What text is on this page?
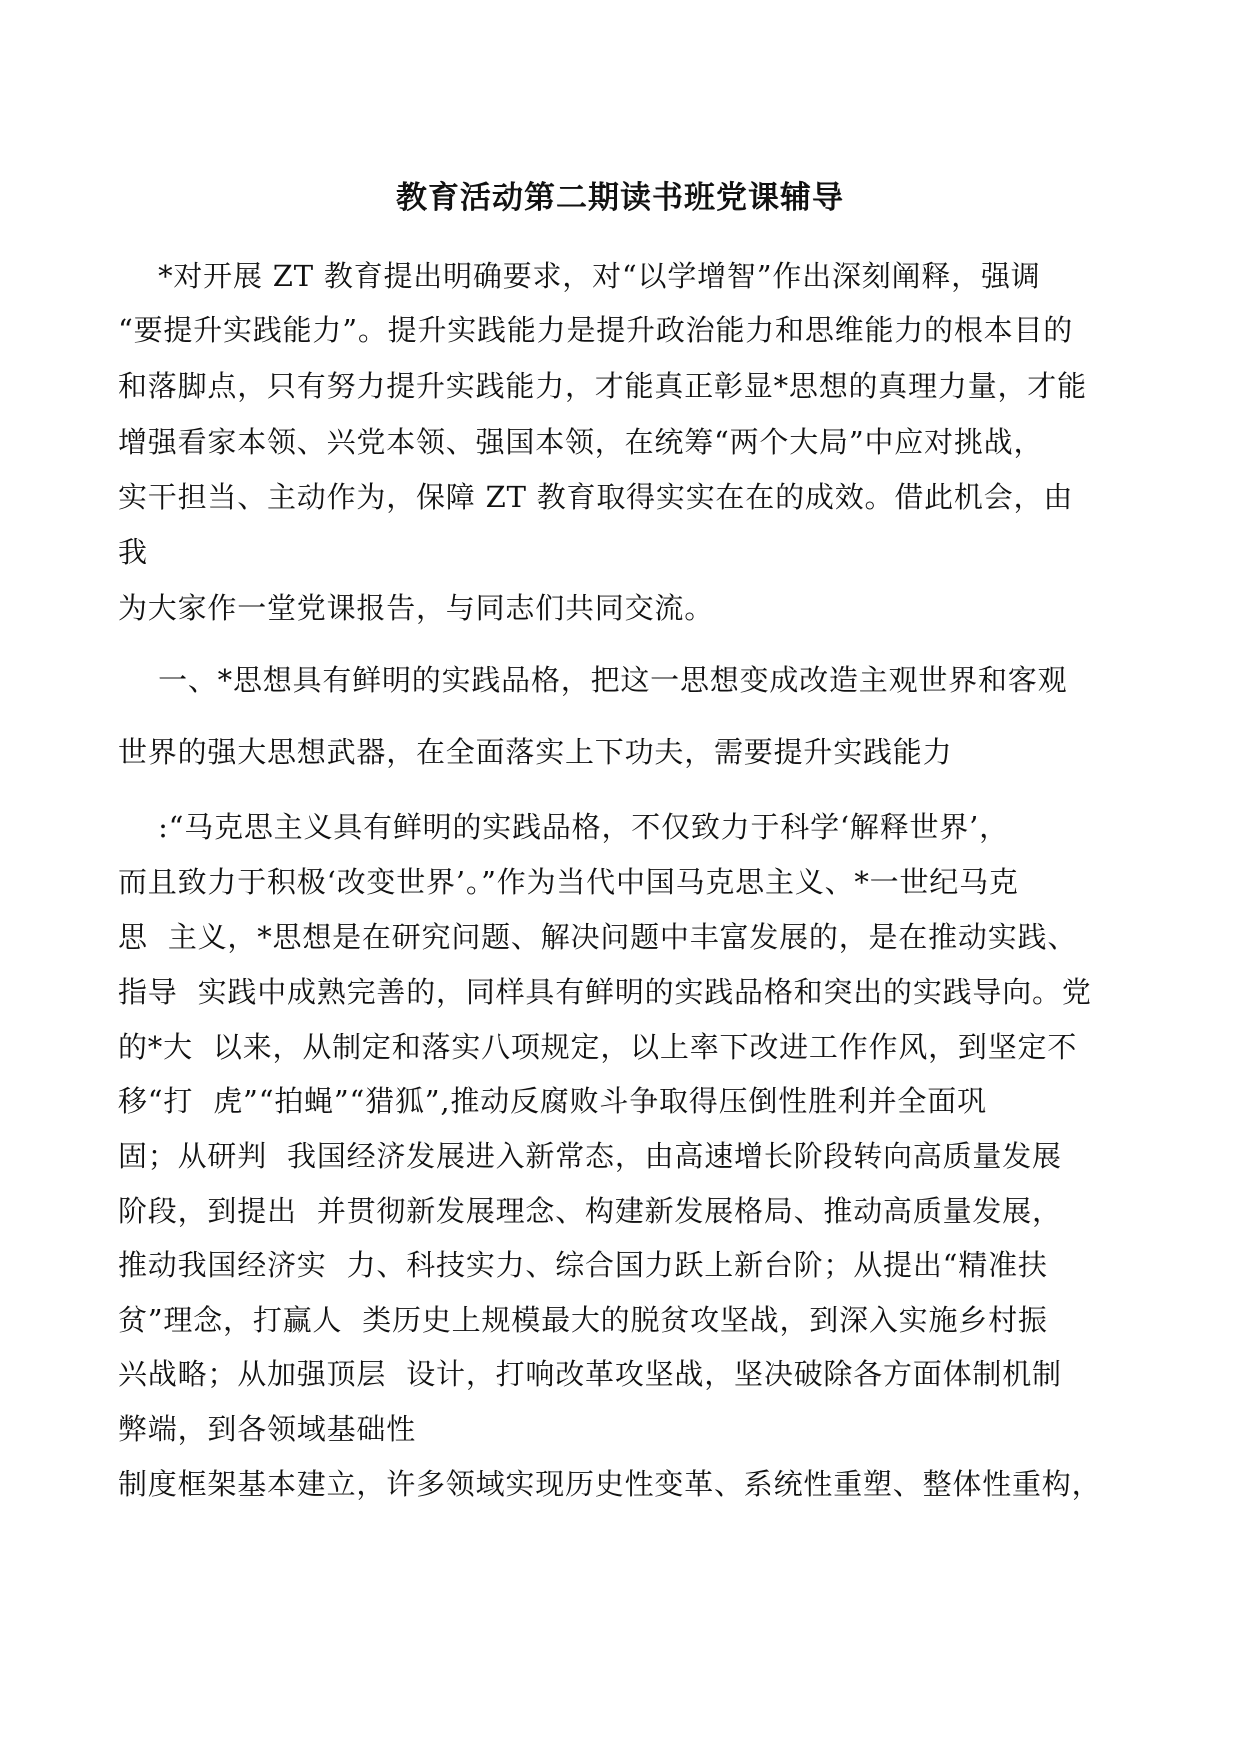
教育活动第二期读书班党课辅导
*对开展 ZT 教育提出明确要求，对“以学增智”作出深刻阐释，强调
“要提升实践能力”。提升实践能力是提升政治能力和思维能力的根本目的
和落脚点，只有努力提升实践能力，才能真正彰显*思想的真理力量，才能
增强看家本领、兴党本领、强国本领，在统筹“两个大局”中应对挑战，
实干担当、主动作为，保障 ZT 教育取得实实在在的成效。借此机会，由
我
为大家作一堂党课报告，与同志们共同交流。
一、*思想具有鲜明的实践品格，把这一思想变成改造主观世界和客观
世界的强大思想武器，在全面落实上下功夫，需要提升实践能力
:“马克思主义具有鲜明的实践品格，不仅致力于科学‘解释世界’，
而且致力于积极‘改变世界’。”作为当代中国马克思主义、*一世纪马克
思  主义，*思想是在研究问题、解决问题中丰富发展的，是在推动实践、
指导  实践中成熟完善的，同样具有鲜明的实践品格和突出的实践导向。党
的*大  以来，从制定和落实八项规定，以上率下改进工作作风，到坚定不
移“打  虎”“拍蝇”“猎狐”,推动反腐败斗争取得压倒性胜利并全面巩
固；从研判  我国经济发展进入新常态，由高速增长阶段转向高质量发展
阶段，到提出  并贯彻新发展理念、构建新发展格局、推动高质量发展，
推动我国经济实  力、科技实力、综合国力跃上新台阶；从提出“精准扶
贫”理念，打赢人  类历史上规模最大的脱贫攻坚战，到深入实施乡村振
兴战略；从加强顶层  设计，打响改革攻坚战，坚决破除各方面体制机制
弊端，到各领域基础性
制度框架基本建立，许多领域实现历史性变革、系统性重塑、整体性重构，
